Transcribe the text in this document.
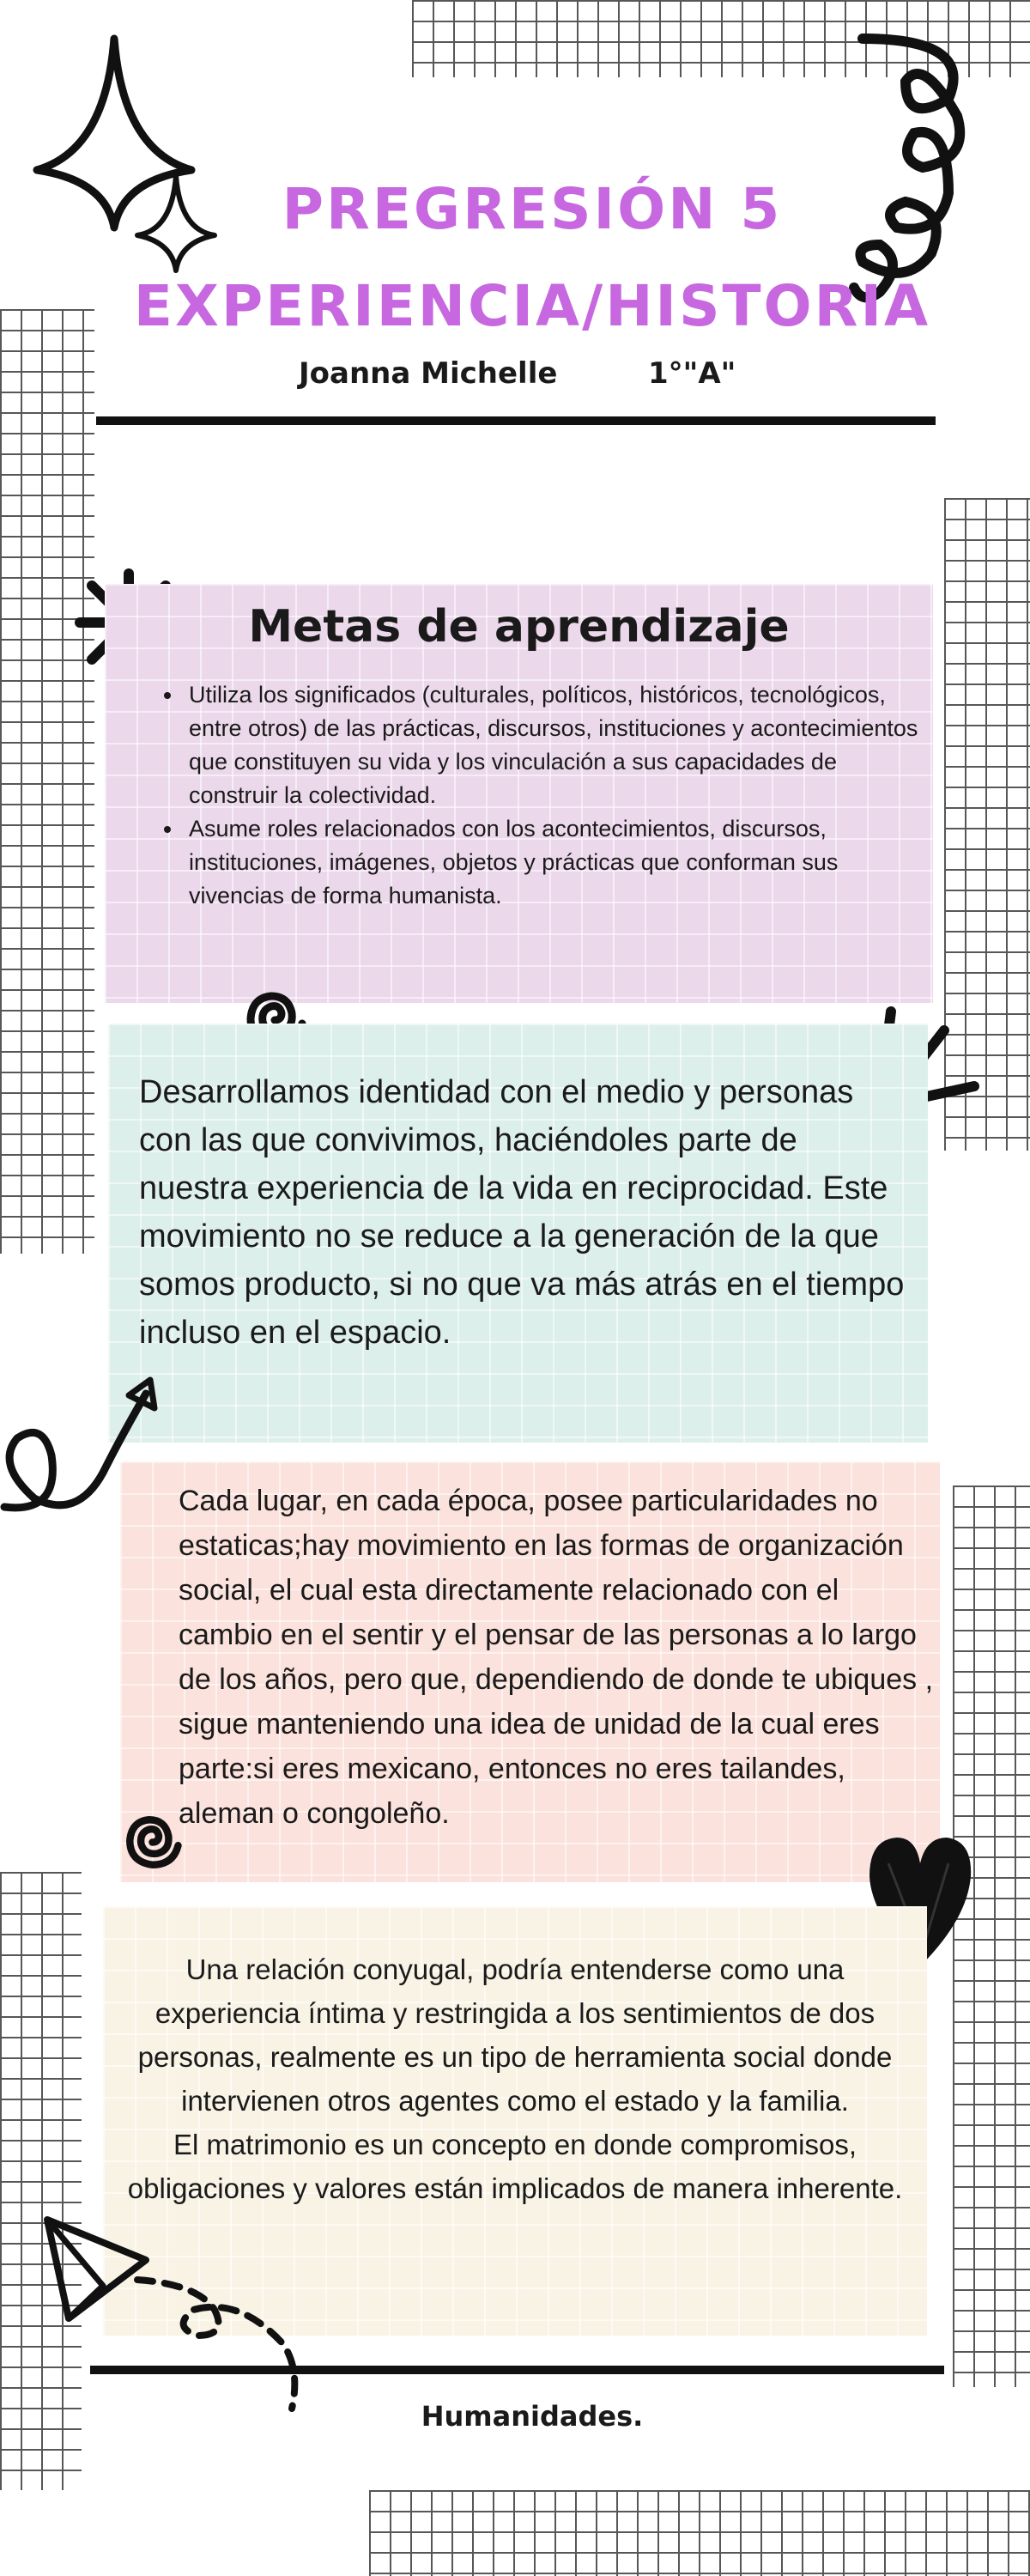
PREGRESIÓN 5
EXPERIENCIA/HISTORIA
Joanna Michelle	1°"A"
Metas de aprendizaje
• Utiliza los significados (culturales, políticos, históricos, tecnológicos, entre otros) de las prácticas, discursos, instituciones y acontecimientos que constituyen su vida y los vinculación a sus capacidades de construir la colectividad.
• Asume roles relacionados con los acontecimientos, discursos, instituciones, imágenes, objetos y prácticas que conforman sus vivencias de forma humanista.

Desarrollamos identidad con el medio y personas con las que convivimos, haciéndoles parte de nuestra experiencia de la vida en reciprocidad. Este movimiento no se reduce a la generación de la que somos producto, si no que va más atrás en el tiempo incluso en el espacio.

Cada lugar, en cada época, posee particularidades no estaticas;hay movimiento en las formas de organización social, el cual esta directamente relacionado con el cambio en el sentir y el pensar de las personas a lo largo de los años, pero que, dependiendo de donde te ubiques , sigue manteniendo una idea de unidad de la cual eres parte:si eres mexicano, entonces no eres tailandes, aleman o congoleño.

Una relación conyugal, podría entenderse como una experiencia íntima y restringida a los sentimientos de dos personas, realmente es un tipo de herramienta social donde intervienen otros agentes como el estado y la familia.
El matrimonio es un concepto en donde compromisos, obligaciones y valores están implicados de manera inherente.
Humanidades.
